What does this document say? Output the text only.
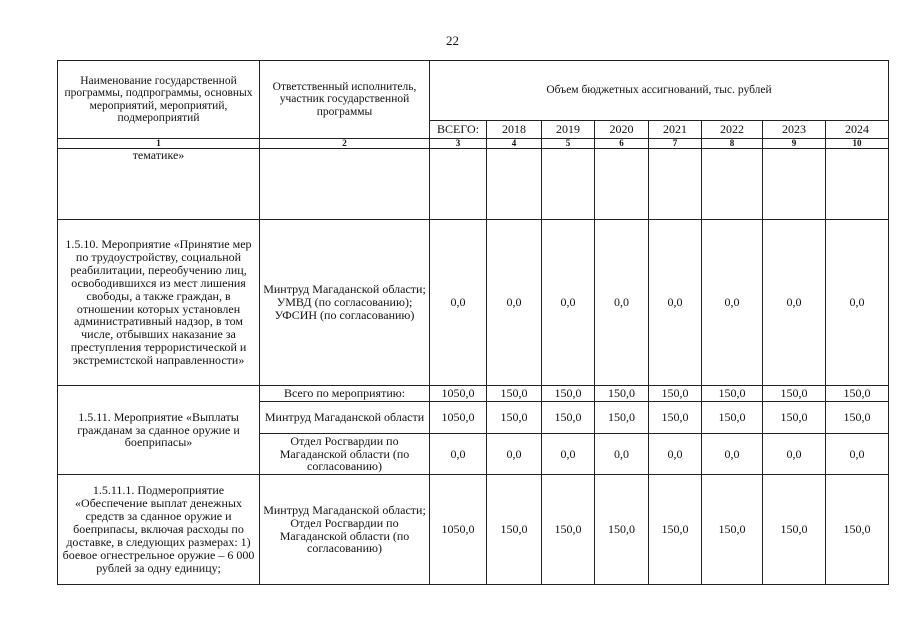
22
Наименование государственной программы, подпрограммы, основных мероприятий, мероприятий, подмероприятий	Ответственный исполнитель, участник государственной программы	Объем бюджетных ассигнований, тыс. рублей							
		ВСЕГО:	2018	2019	2020	2021	2022	2023	2024
1	2	3	4	5	6	7	8	9	10
тематике»									
1.5.10. Мероприятие «Принятие мер по трудоустройству, социальной реабилитации, переобучению лиц, освободившихся из мест лишения свободы, а также граждан, в отношении которых установлен административный надзор, в том числе, отбывших наказание за преступления террористической и экстремистской направленности»	Минтруд Магаданской области; УМВД (по согласованию); УФСИН (по согласованию)	0,0	0,0	0,0	0,0	0,0	0,0	0,0	0,0
1.5.11. Мероприятие «Выплаты гражданам за сданное оружие и боеприпасы»	Всего по мероприятию:	1050,0	150,0	150,0	150,0	150,0	150,0	150,0	150,0
	Минтруд Магаданской области	1050,0	150,0	150,0	150,0	150,0	150,0	150,0	150,0
	Отдел Росгвардии по Магаданской области (по согласованию)	0,0	0,0	0,0	0,0	0,0	0,0	0,0	0,0
1.5.11.1. Подмероприятие «Обеспечение выплат денежных средств за сданное оружие и боеприпасы, включая расходы по доставке, в следующих размерах: 1) боевое огнестрельное оружие – 6 000 рублей за одну единицу;	Минтруд Магаданской области; Отдел Росгвардии по Магаданской области (по согласованию)	1050,0	150,0	150,0	150,0	150,0	150,0	150,0	150,0
